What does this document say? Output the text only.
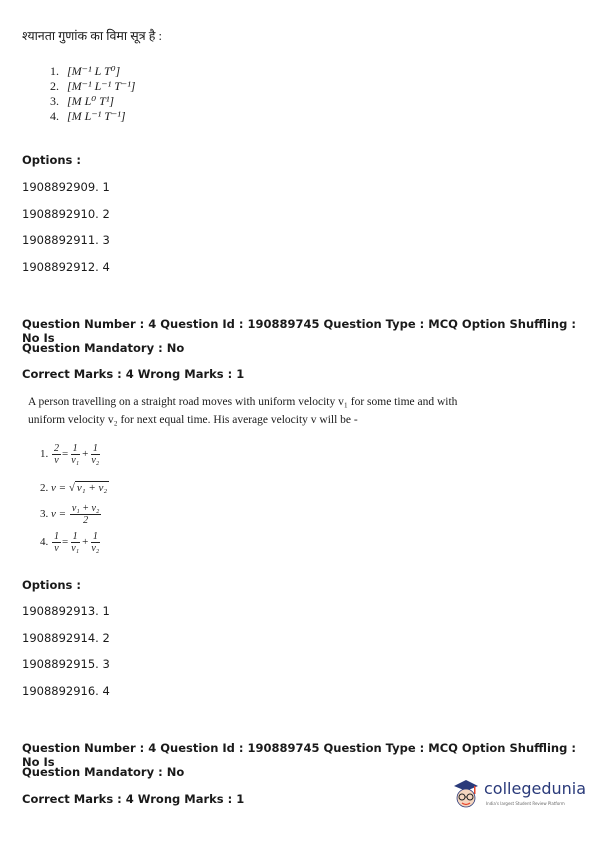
श्यानता गुणांक का विमा सूत्र है :
1. [M⁻¹ L T⁰]
2. [M⁻¹ L⁻¹ T⁻¹]
3. [M L⁰ T¹]
4. [M L⁻¹ T⁻¹]
Options :
1908892909. 1
1908892910. 2
1908892911. 3
1908892912. 4
Question Number : 4 Question Id : 190889745 Question Type : MCQ Option Shuffling : No Is
Question Mandatory : No
Correct Marks : 4 Wrong Marks : 1
A person travelling on a straight road moves with uniform velocity v₁ for some time and with
uniform velocity v₂ for next equal time. His average velocity v will be -
1. $\frac{2}{v} = \frac{1}{\text{v₁}} + \frac{1}{\text{v₂}}$
2. v = √ v₁ + v₂
3. $v = \frac{\text{v₁ + v₂}}{2}$
4. $\frac{1}{v} = \frac{1}{\text{v₁}} + \frac{1}{\text{v₂}}$
Options :
1908892913. 1
1908892914. 2
1908892915. 3
1908892916. 4
Question Number : 4 Question Id : 190889745 Question Type : MCQ Option Shuffling : No Is
Question Mandatory : No
Correct Marks : 4 Wrong Marks : 1
collegedunia
India's largest Student Review Platform
